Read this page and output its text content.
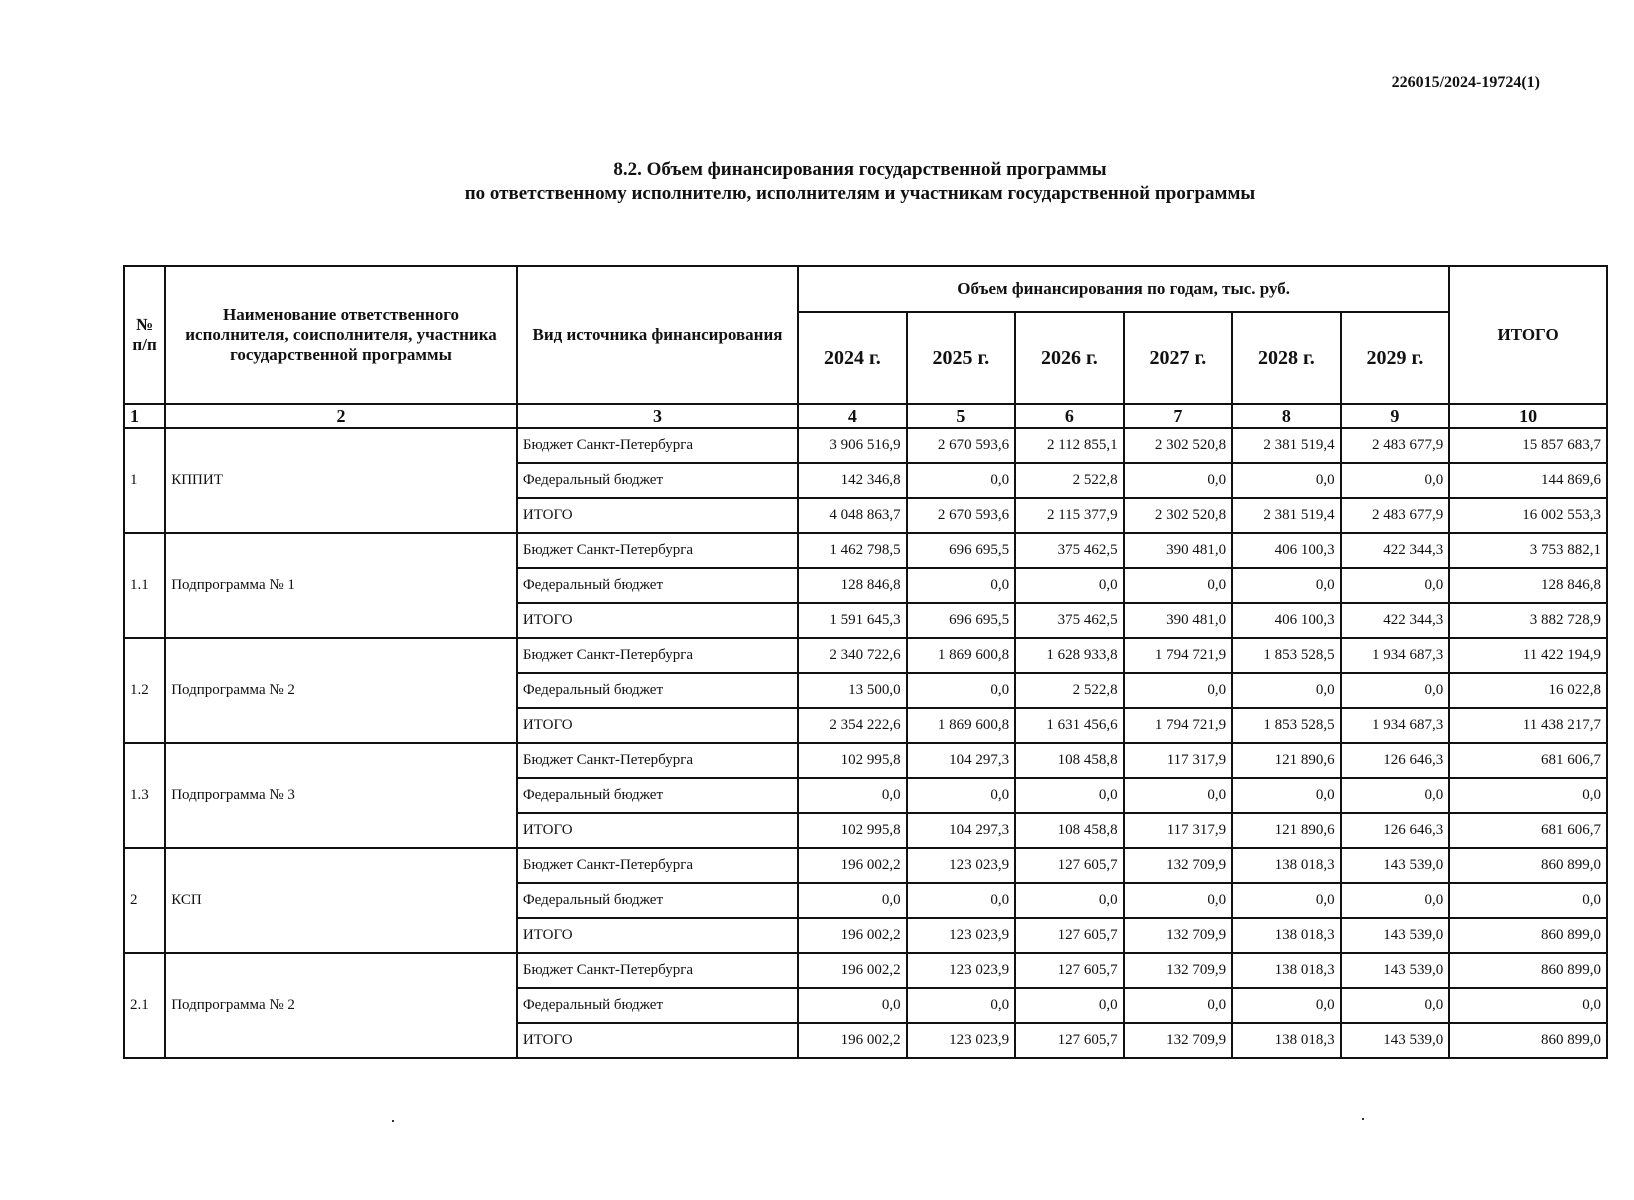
226015/2024-19724(1)
8.2. Объем финансирования государственной программы
по ответственному исполнителю, исполнителям и участникам государственной программы
№ п/п	Наименование ответственного исполнителя, соисполнителя, участника государственной программы	Вид источника финансирования	Объем финансирования по годам, тыс. руб.						ИТОГО
			2024 г.	2025 г.	2026 г.	2027 г.	2028 г.	2029 г.	
1	2	3	4	5	6	7	8	9	10
1	КППИТ	Бюджет Санкт-Петербурга	3 906 516,9	2 670 593,6	2 112 855,1	2 302 520,8	2 381 519,4	2 483 677,9	15 857 683,7
		Федеральный бюджет	142 346,8	0,0	2 522,8	0,0	0,0	0,0	144 869,6
		ИТОГО	4 048 863,7	2 670 593,6	2 115 377,9	2 302 520,8	2 381 519,4	2 483 677,9	16 002 553,3
1.1	Подпрограмма № 1	Бюджет Санкт-Петербурга	1 462 798,5	696 695,5	375 462,5	390 481,0	406 100,3	422 344,3	3 753 882,1
		Федеральный бюджет	128 846,8	0,0	0,0	0,0	0,0	0,0	128 846,8
		ИТОГО	1 591 645,3	696 695,5	375 462,5	390 481,0	406 100,3	422 344,3	3 882 728,9
1.2	Подпрограмма № 2	Бюджет Санкт-Петербурга	2 340 722,6	1 869 600,8	1 628 933,8	1 794 721,9	1 853 528,5	1 934 687,3	11 422 194,9
		Федеральный бюджет	13 500,0	0,0	2 522,8	0,0	0,0	0,0	16 022,8
		ИТОГО	2 354 222,6	1 869 600,8	1 631 456,6	1 794 721,9	1 853 528,5	1 934 687,3	11 438 217,7
1.3	Подпрограмма № 3	Бюджет Санкт-Петербурга	102 995,8	104 297,3	108 458,8	117 317,9	121 890,6	126 646,3	681 606,7
		Федеральный бюджет	0,0	0,0	0,0	0,0	0,0	0,0	0,0
		ИТОГО	102 995,8	104 297,3	108 458,8	117 317,9	121 890,6	126 646,3	681 606,7
2	КСП	Бюджет Санкт-Петербурга	196 002,2	123 023,9	127 605,7	132 709,9	138 018,3	143 539,0	860 899,0
		Федеральный бюджет	0,0	0,0	0,0	0,0	0,0	0,0	0,0
		ИТОГО	196 002,2	123 023,9	127 605,7	132 709,9	138 018,3	143 539,0	860 899,0
2.1	Подпрограмма № 2	Бюджет Санкт-Петербурга	196 002,2	123 023,9	127 605,7	132 709,9	138 018,3	143 539,0	860 899,0
		Федеральный бюджет	0,0	0,0	0,0	0,0	0,0	0,0	0,0
		ИТОГО	196 002,2	123 023,9	127 605,7	132 709,9	138 018,3	143 539,0	860 899,0
